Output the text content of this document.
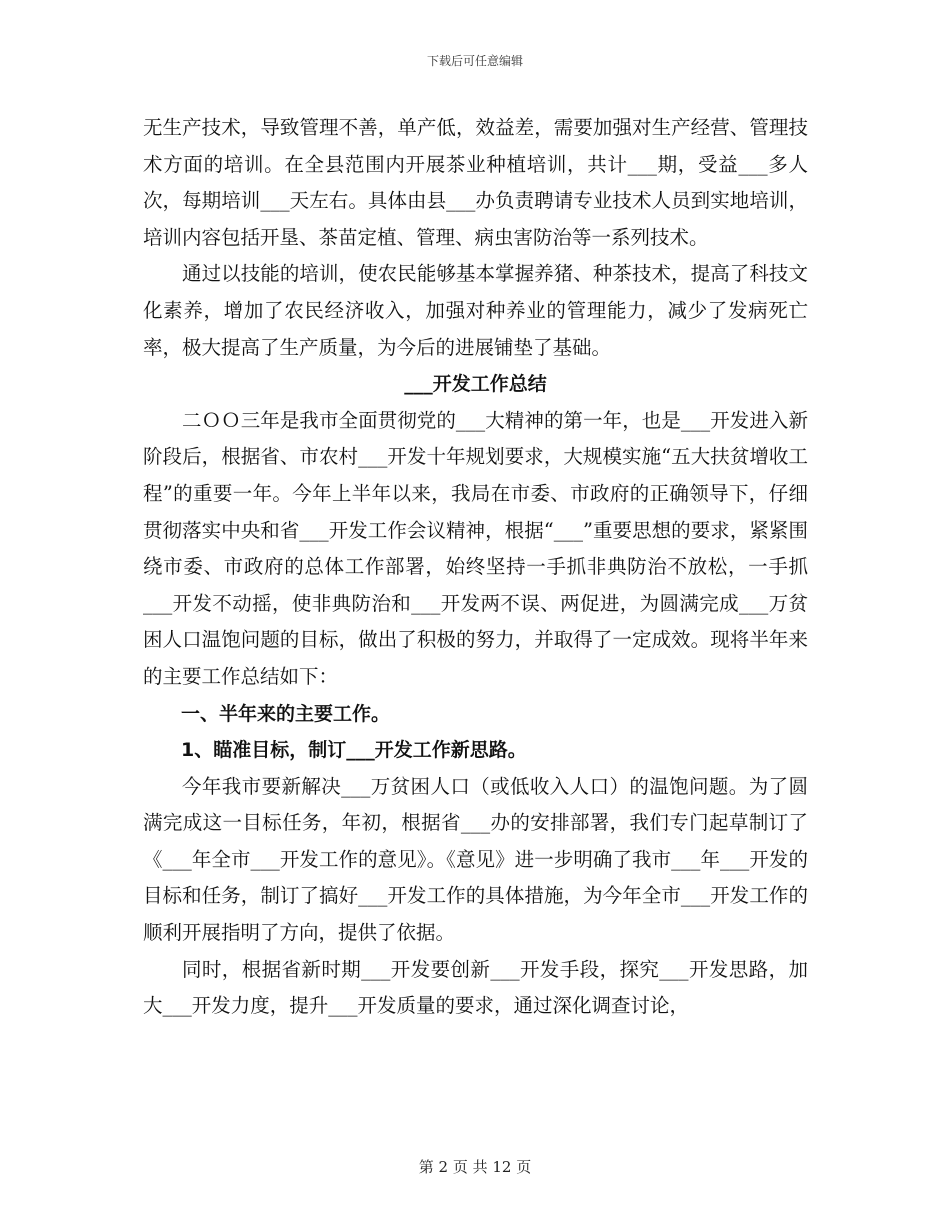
下载后可任意编辑

无生产技术，导致管理不善，单产低，效益差，需要加强对生产经营、管理技术方面的培训。在全县范围内开展茶业种植培训，共计___期，受益___多人次，每期培训___天左右。具体由县___办负责聘请专业技术人员到实地培训，培训内容包括开垦、茶苗定植、管理、病虫害防治等一系列技术。

通过以技能的培训，使农民能够基本掌握养猪、种茶技术，提高了科技文化素养，增加了农民经济收入，加强对种养业的管理能力，减少了发病死亡率，极大提高了生产质量，为今后的进展铺垫了基础。

___开发工作总结

二ＯＯ三年是我市全面贯彻党的___大精神的第一年，也是___开发进入新阶段后，根据省、市农村___开发十年规划要求，大规模实施“五大扶贫增收工程”的重要一年。今年上半年以来，我局在市委、市政府的正确领导下，仔细贯彻落实中央和省___开发工作会议精神，根据“___”重要思想的要求，紧紧围绕市委、市政府的总体工作部署，始终坚持一手抓非典防治不放松，一手抓___开发不动摇，使非典防治和___开发两不误、两促进，为圆满完成___万贫困人口温饱问题的目标，做出了积极的努力，并取得了一定成效。现将半年来的主要工作总结如下：

一、半年来的主要工作。

1、瞄准目标，制订___开发工作新思路。

今年我市要新解决___万贫困人口（或低收入人口）的温饱问题。为了圆满完成这一目标任务，年初，根据省___办的安排部署，我们专门起草制订了《___年全市___开发工作的意见》。《意见》进一步明确了我市___年___开发的目标和任务，制订了搞好___开发工作的具体措施，为今年全市___开发工作的顺利开展指明了方向，提供了依据。

同时，根据省新时期___开发要创新___开发手段，探究___开发思路，加大___开发力度，提升___开发质量的要求，通过深化调查讨论，

第 2 页 共 12 页
